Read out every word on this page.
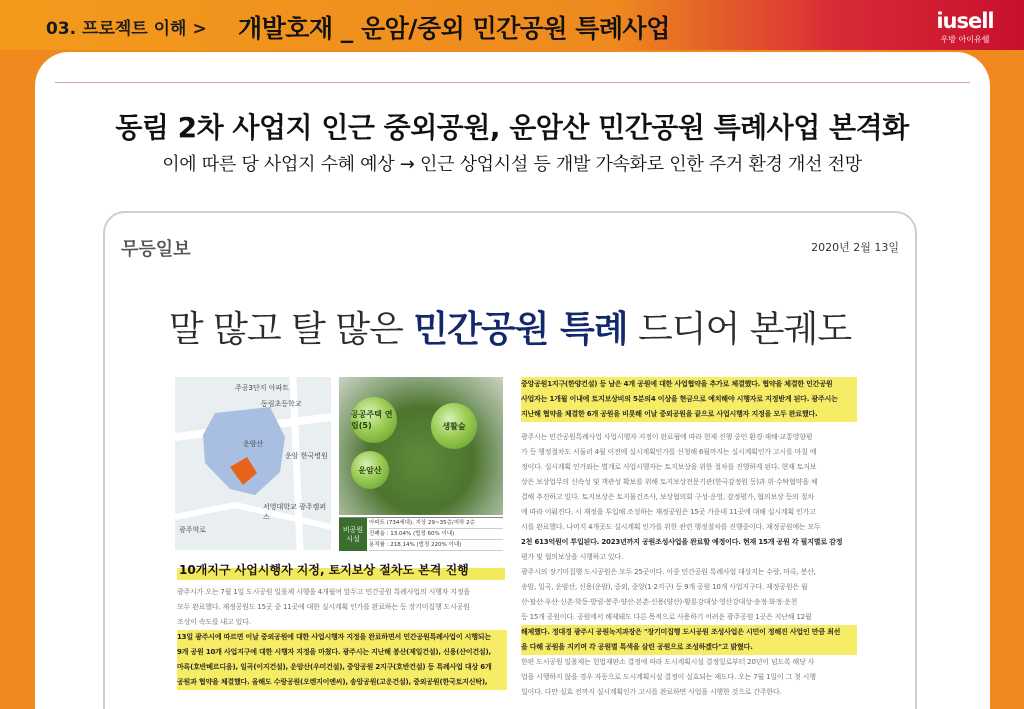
03. 프로젝트 이해 > 개발호재 _ 운암/중외 민간공원 특례사업	iusell
우방 아이유쉘
동림 2차 사업지 인근 중외공원, 운암산 민간공원 특례사업 본격화
이에 따른 당 사업지 수혜 예상 → 인근 상업시설 등 개발 가속화로 인한 주거 환경 개선 전망
무등일보	2020년 2월 13일
말 많고 탈 많은 민간공원 특례 드디어 본궤도
주공3단지 아파트
동림초등학교
운암산
운암 한국병원
서영대학교 광주캠퍼스
광주역로
공공주택 연립(5)
운암산
생활숲
비공원 시설
아파트 (734세대), 지상 29~35층/지하 2층
건폐율 : 13.04% (법정 60% 이내)
용적률 : 218.14% (법정 220% 이내)
10개지구 사업시행자 지정, 토지보상 절차도 본격 진행

광주시가 오는 7월 1일 도시공원 일몰제 시행을 4개월여 앞두고 민간공원 특례사업의 시행자 지정을

모두 완료했다. 재정공원도 15곳 중 11곳에 대한 실시계획 인가를 완료하는 등 장기미집행 도시공원

조성이 속도를 내고 있다.

13일 광주시에 따르면 이날 중외공원에 대한 사업시행자 지정을 완료하면서 민간공원특례사업이 시행되는

9개 공원 10개 사업지구에 대한 시행자 지정을 마쳤다. 광주시는 지난해 봉산(제일건설), 신용(산이건설),

마륵(호반베르디움), 일곡(이지건설), 운암산(우미건설), 중앙공원 2지구(호반건설) 등 특례사업 대상 6개

공원과 협약을 체결했다. 올해도 수랑공원(오렌지이엔씨), 송암공원(고운건설), 중외공원(한국토지신탁),

중앙공원1지구(한양건설) 등 남은 4개 공원에 대한 사업협약을 추가로 체결했다. 협약을 체결한 민간공원

사업자는 1개월 이내에 토지보상비의 5분의4 이상을 현금으로 예치해야 시행자로 지정받게 된다. 광주시는

지난해 협약을 체결한 6개 공원을 비롯해 이날 중외공원을 끝으로 사업시행자 지정을 모두 완료했다.

광주시는 민간공원특례사업 사업시행자 지정이 완료됨에 따라 현재 진행 중인 환경·재해·교통영향평

가 등 행정절차도 서둘러 4월 이전에 실시계획인가를 신청해 6월까지는 실시계획인가 고시를 마칠 예

정이다. 실시계획 인가와는 별개로 사업시행자는 토지보상을 위한 절차를 진행하게 된다. 현재 토지보

상은 보상업무의 신속성 및 객관성 확보를 위해 토지보상전문기관(한국감정원 등)과 위·수탁협약을 체

결해 추진하고 있다. 토지보상은 토지물건조사, 보상협의회 구성·운영, 감정평가, 협의보상 등의 절차

에 따라 이뤄진다. 시 재정을 투입해 조성하는 재정공원은 15곳 가운데 11곳에 대해 실시계획 인가고

시를 완료했다. 나머지 4개곳도 실시계획 인가를 위한 관련 행정절차를 진행중이다. 재정공원에는 모두

2천 613억원이 투입된다. 2023년까지 공원조성사업을 완료할 예정이다. 현재 15개 공원 각 필지별로 감정

평가 및 협의보상을 시행하고 있다.

광주시의 장기미집행 도시공원은 모두 25곳이다. 이중 민간공원 특례사업 대상지는 수랑, 마륵, 봉산,

송암, 일곡, 운암산, 신용(운암), 중외, 중앙(1·2지구) 등 9개 공원 10개 사업지구다. 재정공원은 월

산·팔산·우산·신촌·학동·방림·봉주·양산·본촌·신용(양산)·황룡강대상·영산강대상·송정·화정·운천

등 15개 공원이다. 공원에서 해제돼도 다른 목적으로 사용하기 어려운 광주공원 1곳은 지난해 12월

해제했다. 정대경 광주시 공원녹지과장은 "장기미집행 도시공원 조성사업은 시민이 정해진 사업인 만큼 최선

을 다해 공원을 지키며 각 공원별 특색을 살린 공원으로 조성하겠다"고 밝혔다.

한편 도시공원 일몰제는 헌법재판소 결정에 따라 도시계획시설 결정일로부터 20년이 넘도록 해당 사

업을 시행하지 않을 경우 자동으로 도시계획시설 결정이 실효되는 제도다. 오는 7월 1일이 그 첫 시행

일이다. 다만 실효 전까지 실시계획인가 고시를 완료하면 사업을 시행한 것으로 간주한다.
